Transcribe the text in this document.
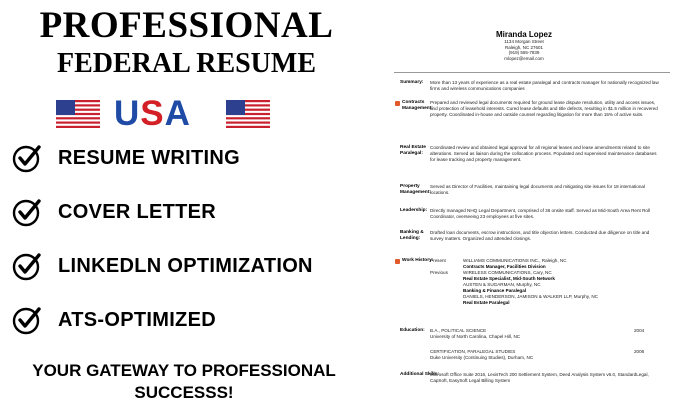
PROFESSIONAL
FEDERAL RESUME
USA
RESUME WRITING
COVER LETTER
LINKEDLN OPTIMIZATION
ATS-OPTIMIZED
YOUR GATEWAY TO PROFESSIONAL
SUCCESSS!
Miranda Lopez
1134 Morgan Street
Raleigh, NC 27601
(919) 555-7839
mlopez@email.com
Summary:	More than 13 years of experience as a real estate paralegal and contracts manager for nationally recognized law firms and wireless communications companies
Contracts Management:
Prepared and reviewed legal documents required for ground lease dispute resolution, utility and access issues, and protection of leasehold interests. Cured lease defaults and title defects, resulting in $1.5 million in recovered property. Coordinated in-house and outside counsel regarding litigation for more than 15% of active suits.
Real Estate Paralegal:
Coordinated review and obtained legal approval for all regional leases and lease amendments related to site alterations. Served as liaison during the collocation process. Populated and supervised maintenance databases for lease tracking and property management.
Property Management:
Served as Director of Facilities, maintaining legal documents and mitigating site issues for 18 international locations.
Leadership: Directly managed NHQ Legal Department, comprised of 36 onsite staff. Served as Mid-South Area Rent Roll Coordinator, overseeing 23 employees at five sites.
Banking & Lending:
Drafted loan documents, escrow instructions, and title objection letters. Conducted due diligence on title and survey matters. Organized and attended closings.
Work History:
Present	WILLIAMS COMMUNICATIONS INC., Raleigh, NC
Contracts Manager, Facilities Division
Previous	WIRELESS COMMUNICATIONS, Cary, NC
Real Estate Specialist, Mid-South Network
AUSTEN & SUGARMAN, Murphy, NC
Banking & Finance Paralegal
DANIELS, HENDERSON, JAMISON & WALKER LLP, Murphy, NC
Real Estate Paralegal
Education:	B.A., POLITICAL SCIENCE	2004
University of North Carolina, Chapel Hill, NC
CERTIFICATION, PARALEGAL STUDIES	2006
Duke University (Continuing Studies), Durham, NC
Additional Skills:
Microsoft Office Suite 2016, LexisTech 200 Settlement System, Deed Analysis System v6.0, StandardLegal, CapSoft, EasySoft Legal Billing System
